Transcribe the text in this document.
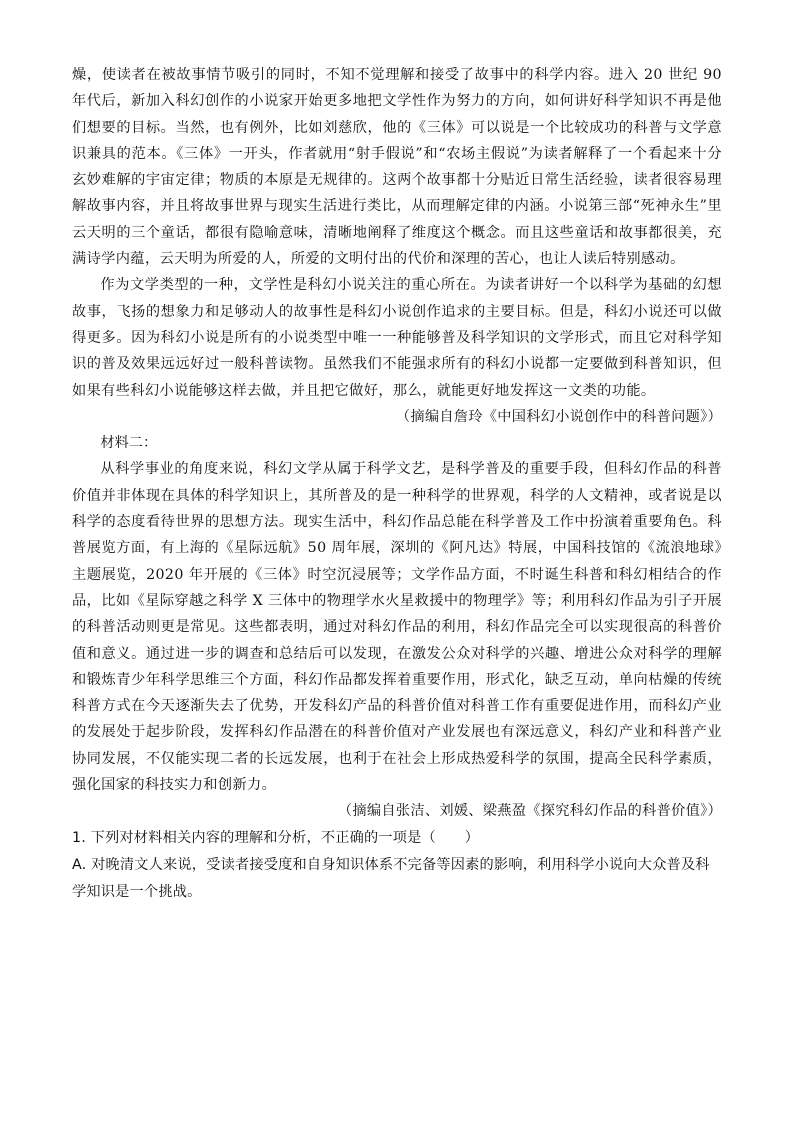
燥，使读者在被故事情节吸引的同时，不知不觉理解和接受了故事中的科学内容。进入 20 世纪 90 年代后，新加入科幻创作的小说家开始更多地把文学性作为努力的方向，如何讲好科学知识不再是他们想要的目标。当然，也有例外，比如刘慈欣，他的《三体》可以说是一个比较成功的科普与文学意识兼具的范本。《三体》一开头，作者就用“射手假说”和“农场主假说”为读者解释了一个看起来十分玄妙难解的宇宙定律；物质的本原是无规律的。这两个故事都十分贴近日常生活经验，读者很容易理解故事内容，并且将故事世界与现实生活进行类比，从而理解定律的内涵。小说第三部“死神永生”里云天明的三个童话，都很有隐喻意味，清晰地阐释了维度这个概念。而且这些童话和故事都很美，充满诗学内蕴，云天明为所爱的人，所爱的文明付出的代价和深理的苦心，也让人读后特别感动。

作为文学类型的一种，文学性是科幻小说关注的重心所在。为读者讲好一个以科学为基础的幻想故事，飞扬的想象力和足够动人的故事性是科幻小说创作追求的主要目标。但是，科幻小说还可以做得更多。因为科幻小说是所有的小说类型中唯一一种能够普及科学知识的文学形式，而且它对科学知识的普及效果远远好过一般科普读物。虽然我们不能强求所有的科幻小说都一定要做到科普知识，但如果有些科幻小说能够这样去做，并且把它做好，那么，就能更好地发挥这一文类的功能。

（摘编自詹玲《中国科幻小说创作中的科普问题》）

材料二：

从科学事业的角度来说，科幻文学从属于科学文艺，是科学普及的重要手段，但科幻作品的科普价值并非体现在具体的科学知识上，其所普及的是一种科学的世界观，科学的人文精神，或者说是以科学的态度看待世界的思想方法。现实生活中，科幻作品总能在科学普及工作中扮演着重要角色。科普展览方面，有上海的《星际远航》50 周年展，深圳的《阿凡达》特展，中国科技馆的《流浪地球》主题展览，2020 年开展的《三体》时空沉浸展等；文学作品方面，不时诞生科普和科幻相结合的作品，比如《星际穿越之科学 X 三体中的物理学水火星救援中的物理学》等；利用科幻作品为引子开展的科普活动则更是常见。这些都表明，通过对科幻作品的利用，科幻作品完全可以实现很高的科普价值和意义。通过进一步的调查和总结后可以发现，在激发公众对科学的兴趣、增进公众对科学的理解和锻炼青少年科学思维三个方面，科幻作品都发挥着重要作用，形式化，缺乏互动，单向枯燥的传统科普方式在今天逐渐失去了优势，开发科幻产品的科普价值对科普工作有重要促进作用，而科幻产业的发展处于起步阶段，发挥科幻作品潜在的科普价值对产业发展也有深远意义，科幻产业和科普产业协同发展，不仅能实现二者的长远发展，也利于在社会上形成热爱科学的氛围，提高全民科学素质，强化国家的科技实力和创新力。

（摘编自张洁、刘媛、梁燕盈《探究科幻作品的科普价值》）

1. 下列对材料相关内容的理解和分析，不正确的一项是（　　）

A. 对晚清文人来说，受读者接受度和自身知识体系不完备等因素的影响，利用科学小说向大众普及科学知识是一个挑战。
